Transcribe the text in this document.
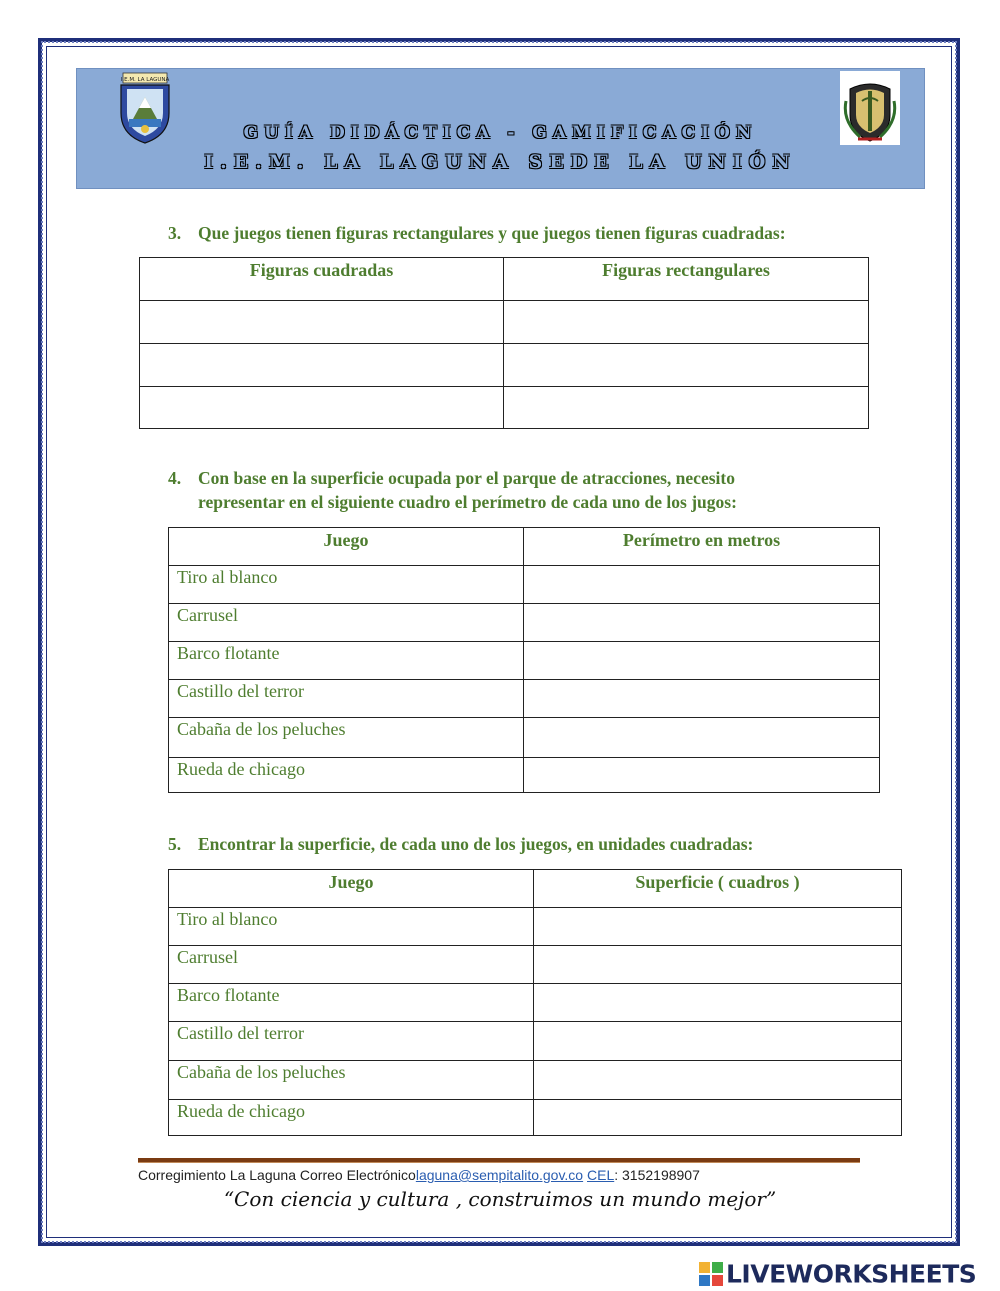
I.E.M. LA LAGUNA
GUÍA DIDÁCTICA - GAMIFICACIÓN
I.E.M. LA LAGUNA SEDE LA UNIÓN
3. Que juegos tienen figuras rectangulares y que juegos tienen figuras cuadradas:
Figuras cuadradas	Figuras rectangulares

4. Con base en la superficie ocupada por el parque de atracciones, necesito
representar en el siguiente cuadro el perímetro de cada uno de los jugos:
Juego	Perímetro en metros
Tiro al blanco	
Carrusel	
Barco flotante	
Castillo del terror	
Cabaña de los peluches	
Rueda de chicago	
5. Encontrar la superficie, de cada uno de los juegos, en unidades cuadradas:
Juego	Superficie ( cuadros )
Tiro al blanco	
Carrusel	
Barco flotante	
Castillo del terror	
Cabaña de los peluches	
Rueda de chicago	
Corregimiento La Laguna Correo Electrónicolaguna@sempitalito.gov.co CEL: 3152198907
“Con ciencia y cultura , construimos un mundo mejor”
LIVEWORKSHEETS
